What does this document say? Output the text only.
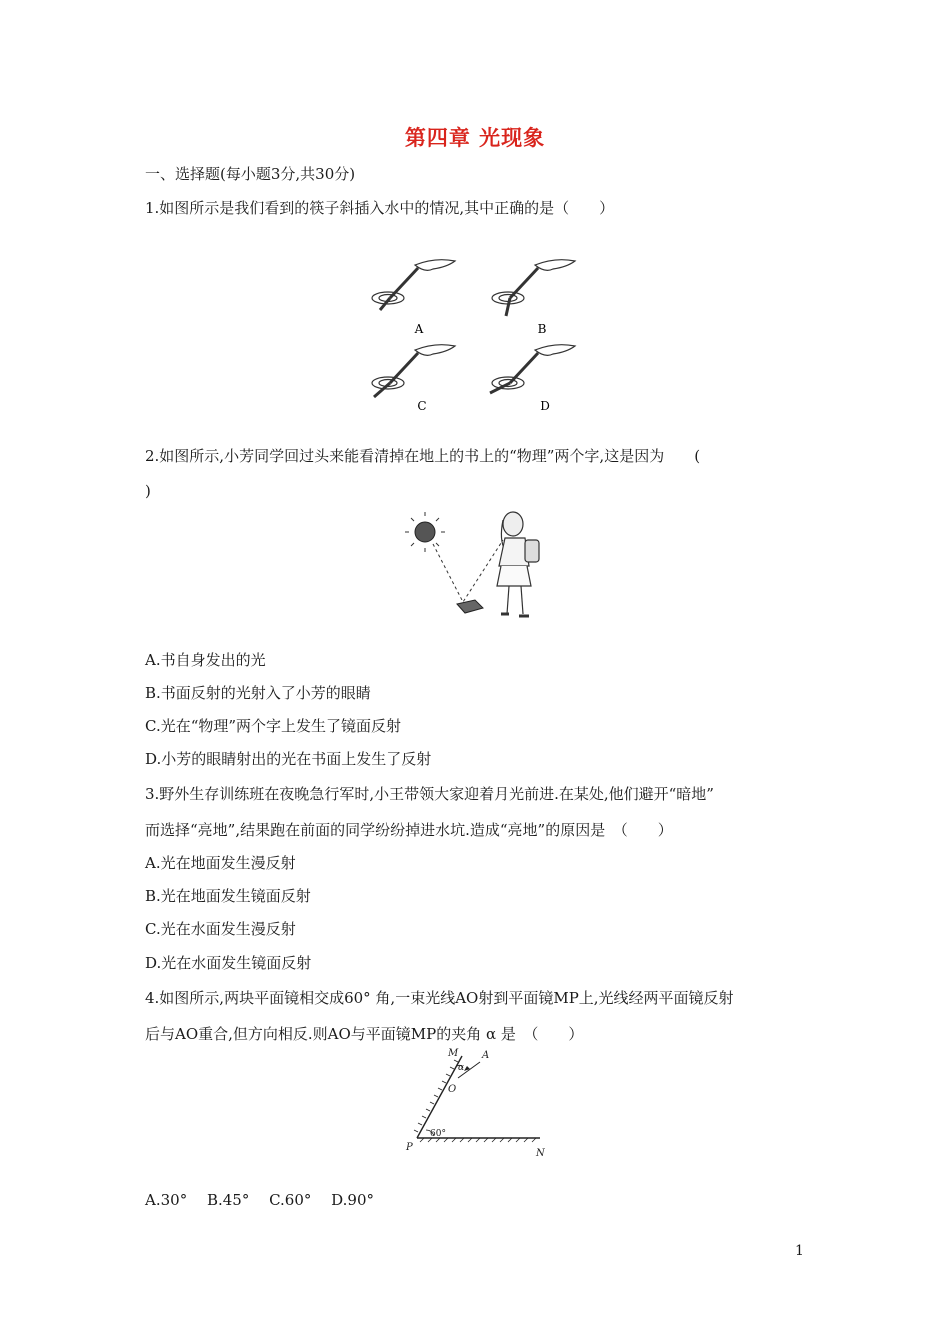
第四章 光现象
一、选择题(每小题3分,共30分)
1.如图所示是我们看到的筷子斜插入水中的情况,其中正确的是（　　）
A	B
C	D
2.如图所示,小芳同学回过头来能看清掉在地上的书上的“物理”两个字,这是因为　　(
)
A.书自身发出的光
B.书面反射的光射入了小芳的眼睛
C.光在“物理”两个字上发生了镜面反射
D.小芳的眼睛射出的光在书面上发生了反射
3.野外生存训练班在夜晚急行军时,小王带领大家迎着月光前进.在某处,他们避开“暗地”
而选择“亮地”,结果跑在前面的同学纷纷掉进水坑.造成“亮地”的原因是　（　　）
A.光在地面发生漫反射
B.光在地面发生镜面反射
C.光在水面发生漫反射
D.光在水面发生镜面反射
4.如图所示,两块平面镜相交成60° 角,一束光线AO射到平面镜MP上,光线经两平面镜反射
后与AO重合,但方向相反.则AO与平面镜MP的夹角 α 是　（　　）
M A
α
O
60°
P
N
A.30°　 B.45°　 C.60°　 D.90°
1
